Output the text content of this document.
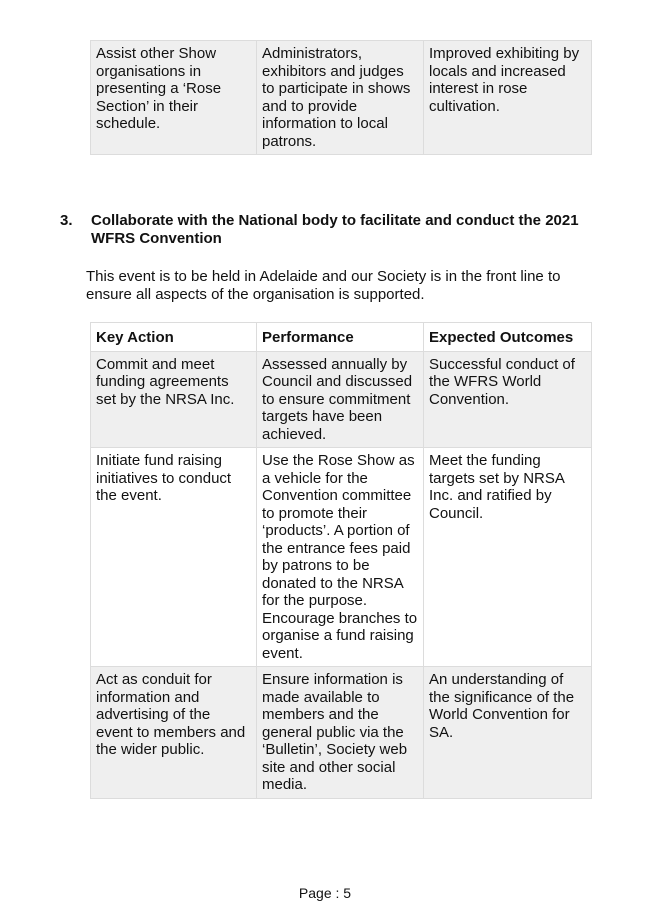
Assist other Show organisations in presenting a ‘Rose Section’ in their schedule.	Administrators, exhibitors and judges to participate in shows and to provide information to local patrons.	Improved exhibiting by locals and increased interest in rose cultivation.
3. Collaborate with the National body to facilitate and conduct the 2021 WFRS Convention
This event is to be held in Adelaide and our Society is in the front line to ensure all aspects of the organisation is supported.
Key Action	Performance	Expected Outcomes
Commit and meet funding agreements set by the NRSA Inc.	Assessed annually by Council and discussed to ensure commitment targets have been achieved.	Successful conduct of the WFRS World Convention.
Initiate fund raising initiatives to conduct the event.	Use the Rose Show as a vehicle for the Convention committee to promote their ‘products’. A portion of the entrance fees paid by patrons to be donated to the NRSA for the purpose. Encourage branches to organise a fund raising event.	Meet the funding targets set by NRSA Inc. and ratified by Council.
Act as conduit for information and advertising of the event to members and the wider public.	Ensure information is made available to members and the general public via the ‘Bulletin’, Society web site and other social media.	An understanding of the significance of the World Convention for SA.
Page : 5
